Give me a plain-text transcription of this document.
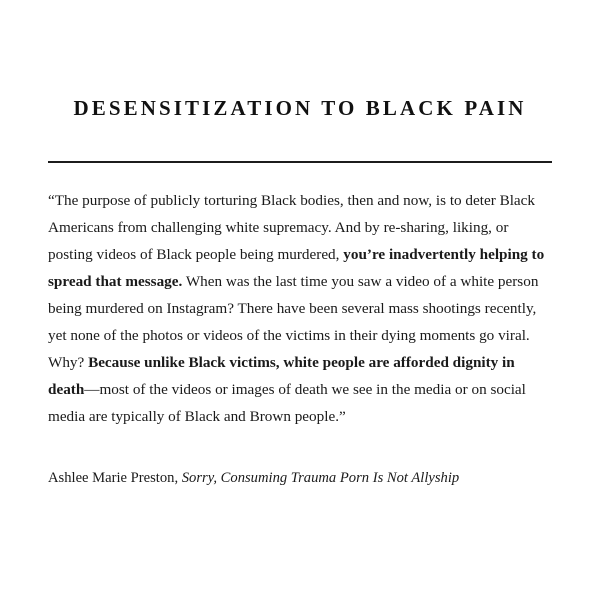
DESENSITIZATION TO BLACK PAIN

“The purpose of publicly torturing Black bodies, then and now, is to deter Black Americans from challenging white supremacy. And by re-sharing, liking, or posting videos of Black people being murdered, you’re inadvertently helping to spread that message. When was the last time you saw a video of a white person being murdered on Instagram? There have been several mass shootings recently, yet none of the photos or videos of the victims in their dying moments go viral. Why? Because unlike Black victims, white people are afforded dignity in death—most of the videos or images of death we see in the media or on social media are typically of Black and Brown people.”

Ashlee Marie Preston, Sorry, Consuming Trauma Porn Is Not Allyship
